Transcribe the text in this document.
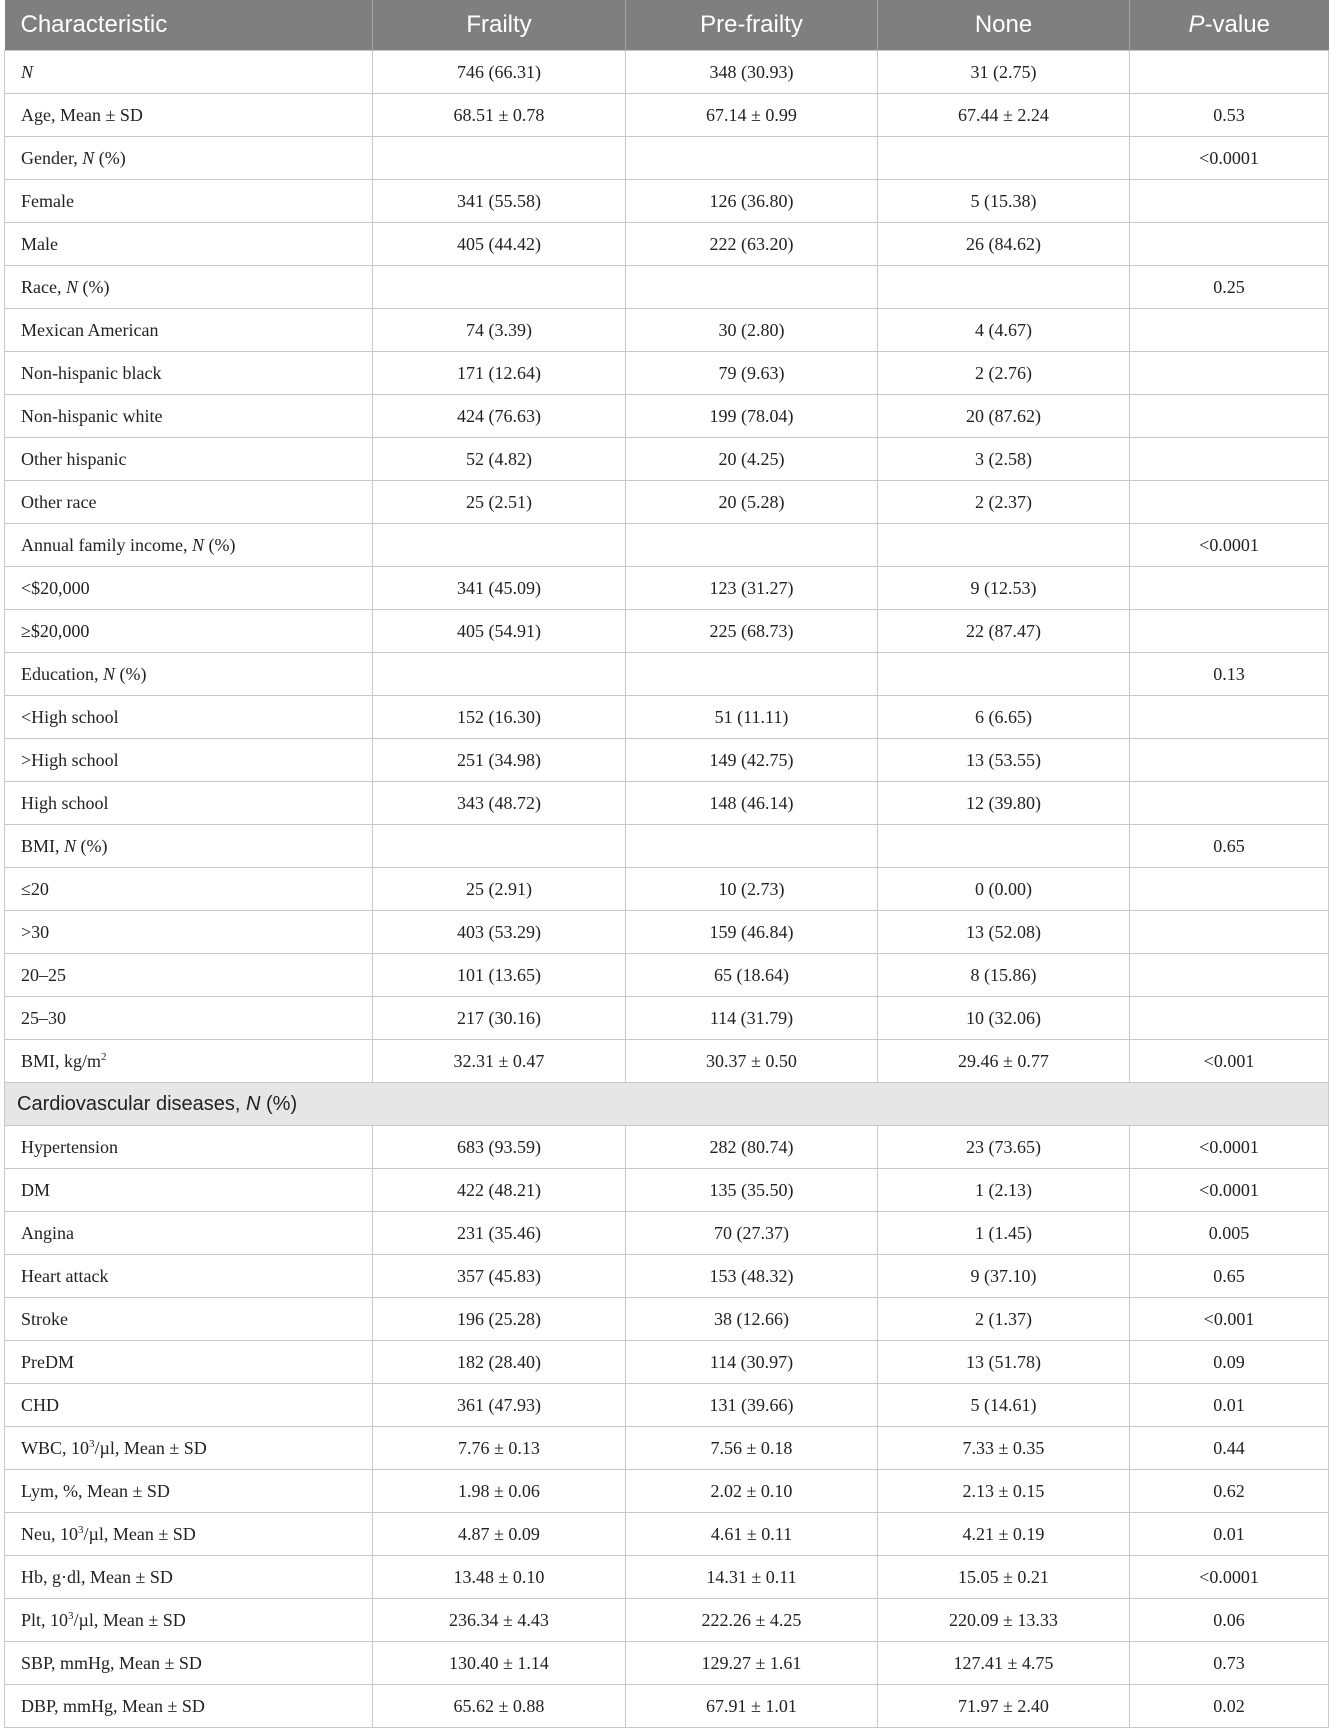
Characteristic	Frailty	Pre-frailty	None	P-value
N	746 (66.31)	348 (30.93)	31 (2.75)	
Age, Mean ± SD	68.51 ± 0.78	67.14 ± 0.99	67.44 ± 2.24	0.53
Gender, N (%)				<0.0001
Female	341 (55.58)	126 (36.80)	5 (15.38)	
Male	405 (44.42)	222 (63.20)	26 (84.62)	
Race, N (%)				0.25
Mexican American	74 (3.39)	30 (2.80)	4 (4.67)	
Non-hispanic black	171 (12.64)	79 (9.63)	2 (2.76)	
Non-hispanic white	424 (76.63)	199 (78.04)	20 (87.62)	
Other hispanic	52 (4.82)	20 (4.25)	3 (2.58)	
Other race	25 (2.51)	20 (5.28)	2 (2.37)	
Annual family income, N (%)				<0.0001
<$20,000	341 (45.09)	123 (31.27)	9 (12.53)	
≥$20,000	405 (54.91)	225 (68.73)	22 (87.47)	
Education, N (%)				0.13
<High school	152 (16.30)	51 (11.11)	6 (6.65)	
>High school	251 (34.98)	149 (42.75)	13 (53.55)	
High school	343 (48.72)	148 (46.14)	12 (39.80)	
BMI, N (%)				0.65
≤20	25 (2.91)	10 (2.73)	0 (0.00)	
>30	403 (53.29)	159 (46.84)	13 (52.08)	
20–25	101 (13.65)	65 (18.64)	8 (15.86)	
25–30	217 (30.16)	114 (31.79)	10 (32.06)	
BMI, $kg/m^2$	32.31 ± 0.47	30.37 ± 0.50	29.46 ± 0.77	<0.001
Cardiovascular diseases, N (%)				
Hypertension	683 (93.59)	282 (80.74)	23 (73.65)	<0.0001
DM	422 (48.21)	135 (35.50)	1 (2.13)	<0.0001
Angina	231 (35.46)	70 (27.37)	1 (1.45)	0.005
Heart attack	357 (45.83)	153 (48.32)	9 (37.10)	0.65
Stroke	196 (25.28)	38 (12.66)	2 (1.37)	<0.001
PreDM	182 (28.40)	114 (30.97)	13 (51.78)	0.09
CHD	361 (47.93)	131 (39.66)	5 (14.61)	0.01
WBC, $10^3/\mu l$, Mean ± SD	7.76 ± 0.13	7.56 ± 0.18	7.33 ± 0.35	0.44
Lym, %, Mean ± SD	1.98 ± 0.06	2.02 ± 0.10	2.13 ± 0.15	0.62
Neu, $10^3/\mu l$, Mean ± SD	4.87 ± 0.09	4.61 ± 0.11	4.21 ± 0.19	0.01
Hb, g·dl, Mean ± SD	13.48 ± 0.10	14.31 ± 0.11	15.05 ± 0.21	<0.0001
Plt, $10^3/\mu l$, Mean ± SD	236.34 ± 4.43	222.26 ± 4.25	220.09 ± 13.33	0.06
SBP, mmHg, Mean ± SD	130.40 ± 1.14	129.27 ± 1.61	127.41 ± 4.75	0.73
DBP, mmHg, Mean ± SD	65.62 ± 0.88	67.91 ± 1.01	71.97 ± 2.40	0.02
